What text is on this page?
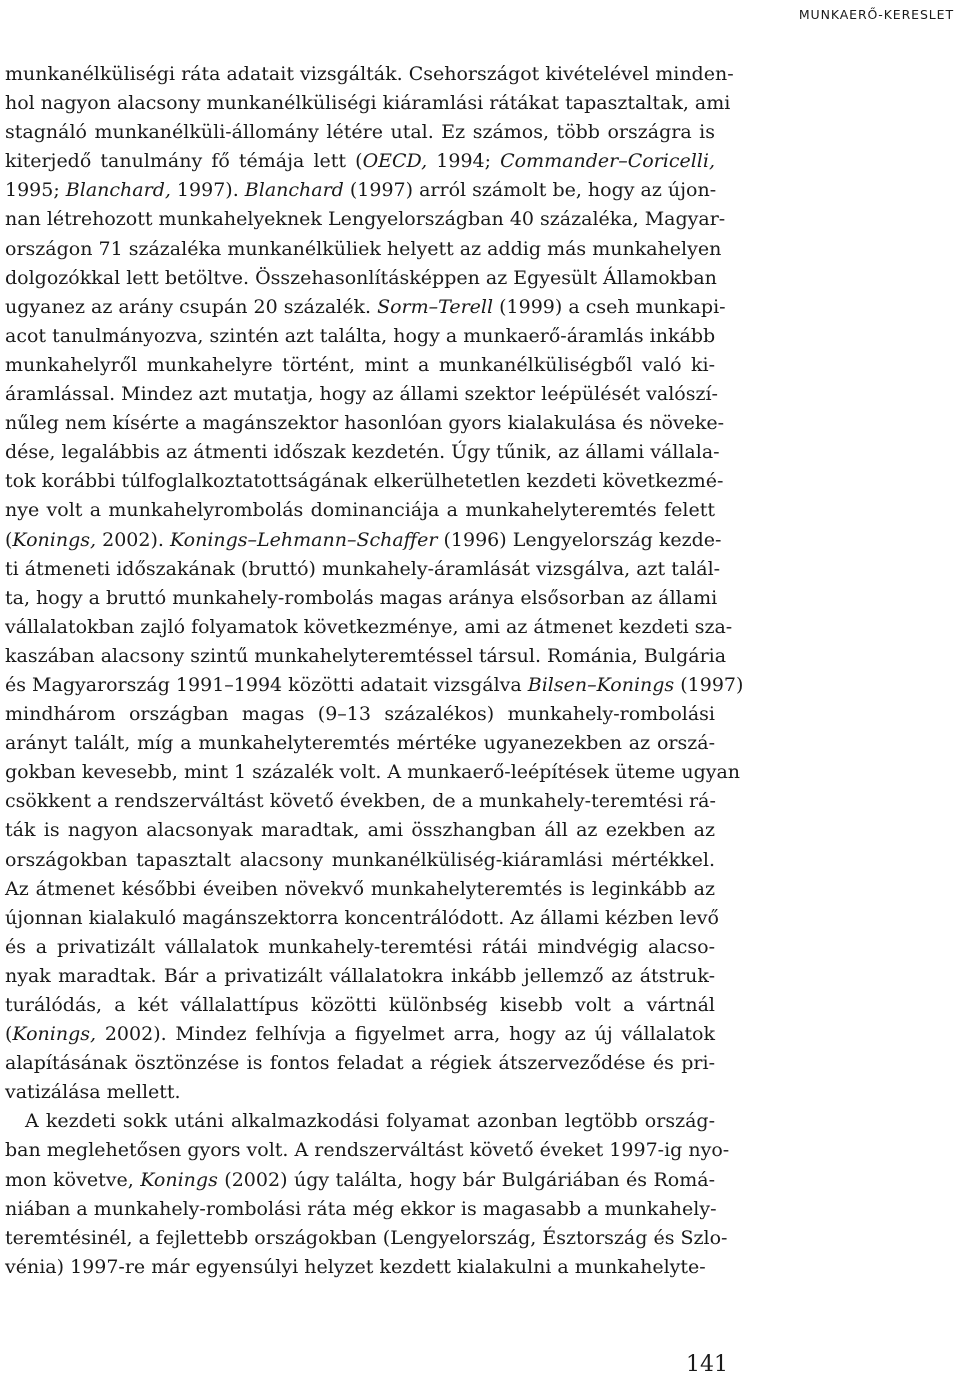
MUNKAERŐ-KERESLET
munkanélküliségi ráta adatait vizsgálták. Csehországot kivételével minden-
hol nagyon alacsony munkanélküliségi kiáramlási rátákat tapasztaltak, ami
stagnáló munkanélküli-állomány létére utal. Ez számos, több országra is
kiterjedő tanulmány fő témája lett (OECD, 1994; Commander–Coricelli,
1995; Blanchard, 1997). Blanchard (1997) arról számolt be, hogy az újon-
nan létrehozott munkahelyeknek Lengyelországban 40 százaléka, Magyar-
országon 71 százaléka munkanélküliek helyett az addig más munkahelyen
dolgozókkal lett betöltve. Összehasonlításképpen az Egyesült Államokban
ugyanez az arány csupán 20 százalék. Sorm–Terell (1999) a cseh munkapi-
acot tanulmányozva, szintén azt találta, hogy a munkaerő-áramlás inkább
munkahelyről munkahelyre történt, mint a munkanélküliségből való ki-
áramlással. Mindez azt mutatja, hogy az állami szektor leépülését valószí-
nűleg nem kísérte a magánszektor hasonlóan gyors kialakulása és növeke-
dése, legalábbis az átmenti időszak kezdetén. Úgy tűnik, az állami vállala-
tok korábbi túlfoglalkoztatottságának elkerülhetetlen kezdeti következmé-
nye volt a munkahelyrombolás dominanciája a munkahelyteremtés felett
(Konings, 2002). Konings–Lehmann–Schaffer (1996) Lengyelország kezde-
ti átmeneti időszakának (bruttó) munkahely-áramlását vizsgálva, azt talál-
ta, hogy a bruttó munkahely-rombolás magas aránya elsősorban az állami
vállalatokban zajló folyamatok következménye, ami az átmenet kezdeti sza-
kaszában alacsony szintű munkahelyteremtéssel társul. Románia, Bulgária
és Magyarország 1991–1994 közötti adatait vizsgálva Bilsen–Konings (1997)
mindhárom országban magas (9–13 százalékos) munkahely-rombolási
arányt talált, míg a munkahelyteremtés mértéke ugyanezekben az orszá-
gokban kevesebb, mint 1 százalék volt. A munkaerő-leépítések üteme ugyan
csökkent a rendszerváltást követő években, de a munkahely-teremtési rá-
ták is nagyon alacsonyak maradtak, ami összhangban áll az ezekben az
országokban tapasztalt alacsony munkanélküliség-kiáramlási mértékkel.
Az átmenet későbbi éveiben növekvő munkahelyteremtés is leginkább az
újonnan kialakuló magánszektorra koncentrálódott. Az állami kézben levő
és a privatizált vállalatok munkahely-teremtési rátái mindvégig alacso-
nyak maradtak. Bár a privatizált vállalatokra inkább jellemző az átstruk-
turálódás, a két vállalattípus közötti különbség kisebb volt a vártnál
(Konings, 2002). Mindez felhívja a figyelmet arra, hogy az új vállalatok
alapításának ösztönzése is fontos feladat a régiek átszerveződése és pri-
vatizálása mellett.
A kezdeti sokk utáni alkalmazkodási folyamat azonban legtöbb ország-
ban meglehetősen gyors volt. A rendszerváltást követő éveket 1997-ig nyo-
mon követve, Konings (2002) úgy találta, hogy bár Bulgáriában és Romá-
niában a munkahely-rombolási ráta még ekkor is magasabb a munkahely-
teremtésinél, a fejlettebb országokban (Lengyelország, Észtország és Szlo-
vénia) 1997-re már egyensúlyi helyzet kezdett kialakulni a munkahelyte-
141
